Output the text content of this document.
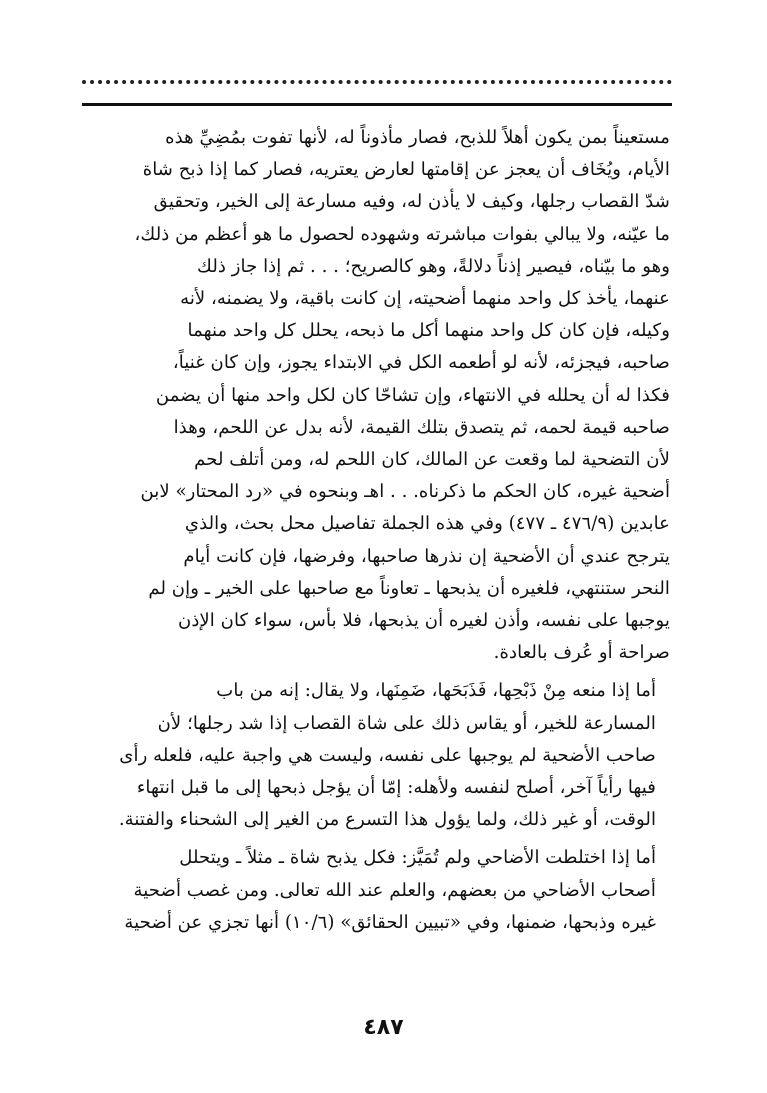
مستعيناً بمن يكون أهلاً للذبح، فصار مأذوناً له، لأنها تفوت بمُضِيِّ هذه
الأيام، ويُخَاف أن يعجز عن إقامتها لعارض يعتريه، فصار كما إذا ذبح شاة
شدّ القصاب رجلها، وكيف لا يأذن له، وفيه مسارعة إلى الخير، وتحقيق
ما عيّنه، ولا يبالي بفوات مباشرته وشهوده لحصول ما هو أعظم من ذلك،
وهو ما بيّناه، فيصير إذناً دلالةً، وهو كالصريح؛ . . . ثم إذا جاز ذلك
عنهما، يأخذ كل واحد منهما أضحيته، إن كانت باقية، ولا يضمنه، لأنه
وكيله، فإن كان كل واحد منهما أكل ما ذبحه، يحلل كل واحد منهما
صاحبه، فيجزئه، لأنه لو أطعمه الكل في الابتداء يجوز، وإن كان غنياً،
فكذا له أن يحلله في الانتهاء، وإن تشاحّا كان لكل واحد منها أن يضمن
صاحبه قيمة لحمه، ثم يتصدق بتلك القيمة، لأنه بدل عن اللحم، وهذا
لأن التضحية لما وقعت عن المالك، كان اللحم له، ومن أتلف لحم
أضحية غيره، كان الحكم ما ذكرناه. . . اهـ وبنحوه في «رد المحتار» لابن
عابدين (٤٧٦/٩ ـ ٤٧٧) وفي هذه الجملة تفاصيل محل بحث، والذي
يترجح عندي أن الأضحية إن نذرها صاحبها، وفرضها، فإن كانت أيام
النحر ستنتهي، فلغيره أن يذبحها ـ تعاوناً مع صاحبها على الخير ـ وإن لم
يوجبها على نفسه، وأذن لغيره أن يذبحها، فلا بأس، سواء كان الإذن
صراحة أو عُرف بالعادة.

أما إذا منعه مِنْ ذَبْحِها، فَذَبَحَها، ضَمِنَها، ولا يقال: إنه من باب
المسارعة للخير، أو يقاس ذلك على شاة القصاب إذا شد رجلها؛ لأن
صاحب الأضحية لم يوجبها على نفسه، وليست هي واجبة عليه، فلعله رأى
فيها رأياً آخر، أصلح لنفسه ولأهله: إمّا أن يؤجل ذبحها إلى ما قبل انتهاء
الوقت، أو غير ذلك، ولما يؤول هذا التسرع من الغير إلى الشحناء والفتنة.

أما إذا اختلطت الأضاحي ولم تُمَيَّز: فكل يذبح شاة ـ مثلاً ـ ويتحلل
أصحاب الأضاحي من بعضهم، والعلم عند الله تعالى. ومن غصب أضحية
غيره وذبحها، ضمنها، وفي «تبيين الحقائق» (١٠/٦) أنها تجزي عن أضحية

٤٨٧
